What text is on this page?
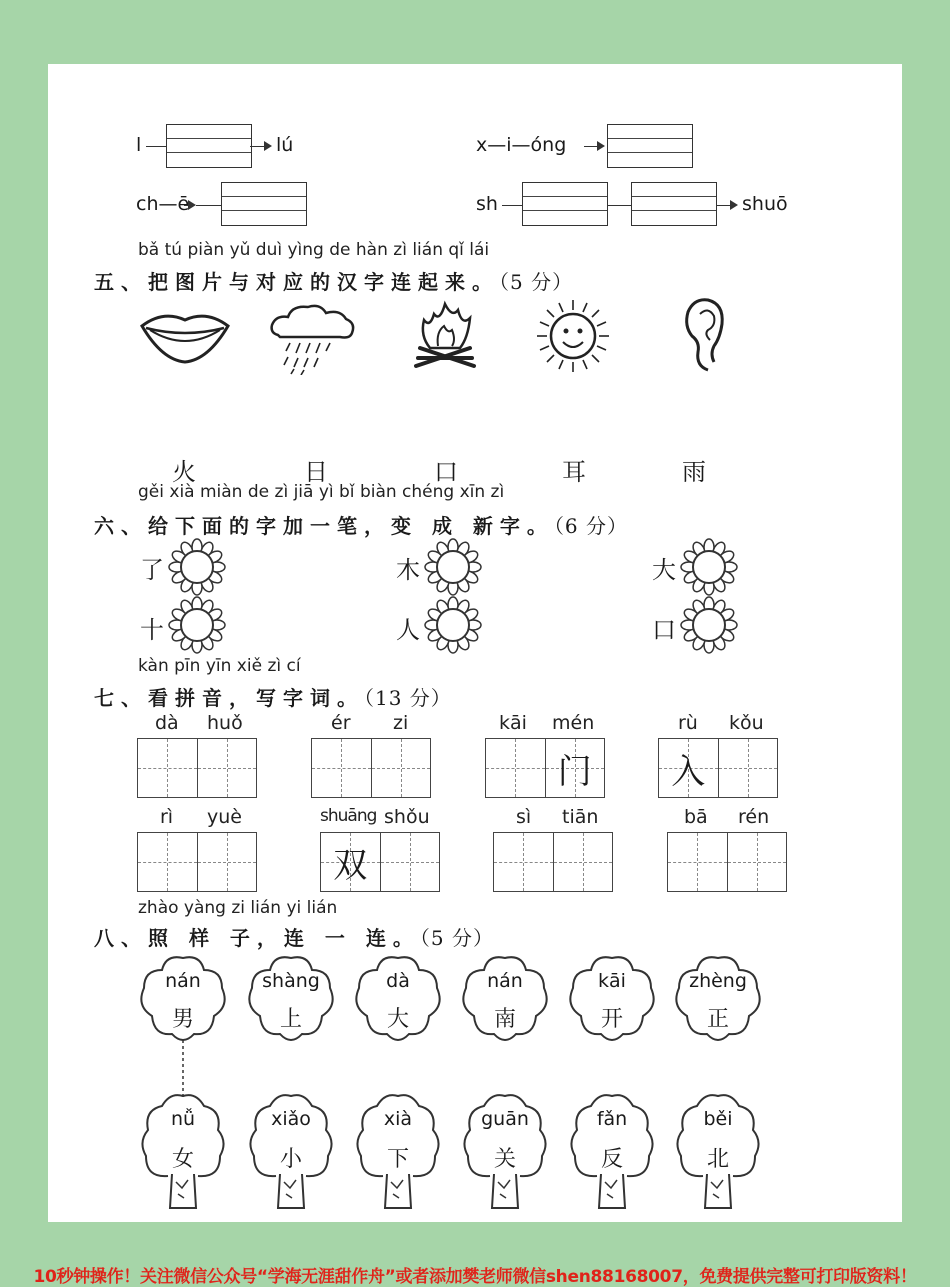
l	lú	x—i—óng
ch—ē	sh	shuō
bǎ tú piàn yǔ duì yìng de hàn zì lián qǐ lái
五、把图片与对应的汉字连起来。（5 分）
火	日	口	耳	雨
gěi xià miàn de zì jiā yì bǐ biàn chéng xīn zì
六、给下面的字加一笔，变 成 新字。（6 分）
了	木	大
十	人	口
kàn pīn yīn xiě zì cí
七、看拼音，写字词。（13 分）
dà huǒ	ér zi	kāi mén
门
rù kǒu
入
rì yuè	shuāng shǒu
双
sì tiān	bā rén
zhào yàng zi lián yi lián
八、照 样 子，连 一 连。（5 分）
nán
男
shàng
上
dà
大
nán
南
kāi
开
zhèng
正
nǚ
女
xiǎo
小
xià
下
guān
关
fǎn
反
běi
北
10秒钟操作！关注微信公众号“学海无涯甜作舟”或者添加樊老师微信shen88168007，免费提供完整可打印版资料！
